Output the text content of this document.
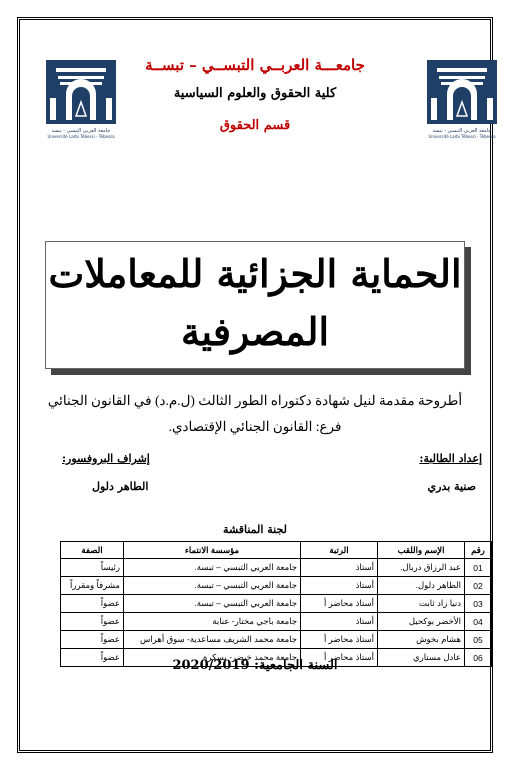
جامعة العربي التبسي - تبسة
Université Larbi Tébessi - Tébessa
جامعة العربي التبسي - تبسة
Université Larbi Tébessi - Tébessa
جامعـــة العربــي التبســي – تبســة
كلية الحقوق والعلوم السياسية
قسم الحقوق
الحماية الجزائية للمعاملات
المصرفية
أطروحة مقدمة لنيل شهادة دكتوراه الطور الثالث (ل.م.د) في القانون الجنائي
فرع: القانون الجنائي الإقتصادي.
إعداد الطالبة:
صنية بدري
إشراف البروفسور:
الطاهر دلول
لجنة المناقشة
رقم	الإسم واللقب	الرتبة	مؤسسة الانتماء	الصفة
01	عبد الرزاق دربال.	أستاذ	جامعة العربي التبسي – تبسة.	رئيساً
02	الطاهر دلول.	أستاذ	جامعة العربي التبسي – تبسة.	مشرفاً ومقرراً
03	دنيا زاد ثابت	أستاذ محاضر أ	جامعة العربي التبسي – تبسة.	عضواً
04	الأخضر بوكحيل	أستاذ	جامعة باجي مختار- عنابة	عضواً
05	هشام بخوش	أستاذ محاضر أ	جامعة محمد الشريف مساعدية- سوق أهراس	عضواً
06	عادل مستاري	أستاذ محاضر أ	جامعة محمد خيضر- بسكرة	عضواً
السنة الجامعية: 2020/2019
